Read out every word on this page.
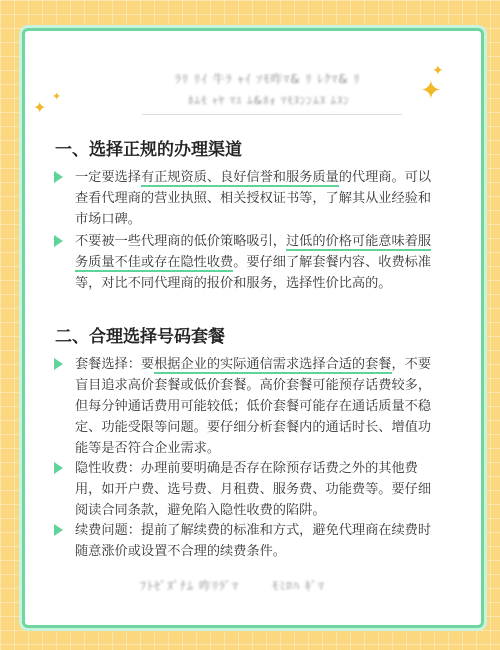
✦
✦
✦
✦
ﾗﾘ ﾘｲ 牛ﾗ ｬｲ ｿﾓ咋ﾏ& ﾘ ﾚｸﾏ& ﾘ
ﾎﾑﾓ ｬﾔ ﾏﾕ ﾑ&ﾎｫ ﾏﾓﾇﾝﾝﾑﾇ ﾑﾇﾝ
一、选择正规的办理渠道

一定要选择有正规资质、良好信誉和服务质量的代理商。可以查看代理商的营业执照、相关授权证书等，了解其从业经验和市场口碑。

不要被一些代理商的低价策略吸引，过低的价格可能意味着服务质量不佳或存在隐性收费。要仔细了解套餐内容、收费标准等，对比不同代理商的报价和服务，选择性价比高的。

二、合理选择号码套餐

套餐选择：要根据企业的实际通信需求选择合适的套餐，不要盲目追求高价套餐或低价套餐。高价套餐可能预存话费较多，但每分钟通话费用可能较低；低价套餐可能存在通话质量不稳定、功能受限等问题。要仔细分析套餐内的通话时长、增值功能等是否符合企业需求。

隐性收费：办理前要明确是否存在除预存话费之外的其他费用，如开户费、选号费、月租费、服务费、功能费等。要仔细阅读合同条款，避免陷入隐性收费的陷阱。

续费问题：提前了解续费的标准和方式，避免代理商在续费时随意涨价或设置不合理的续费条件。

ﾌﾄｾﾞﾇﾞﾅﾑ 咋ﾘﾗﾞﾏ	ﾓﾐﾛﾊ ｷﾞﾏ
